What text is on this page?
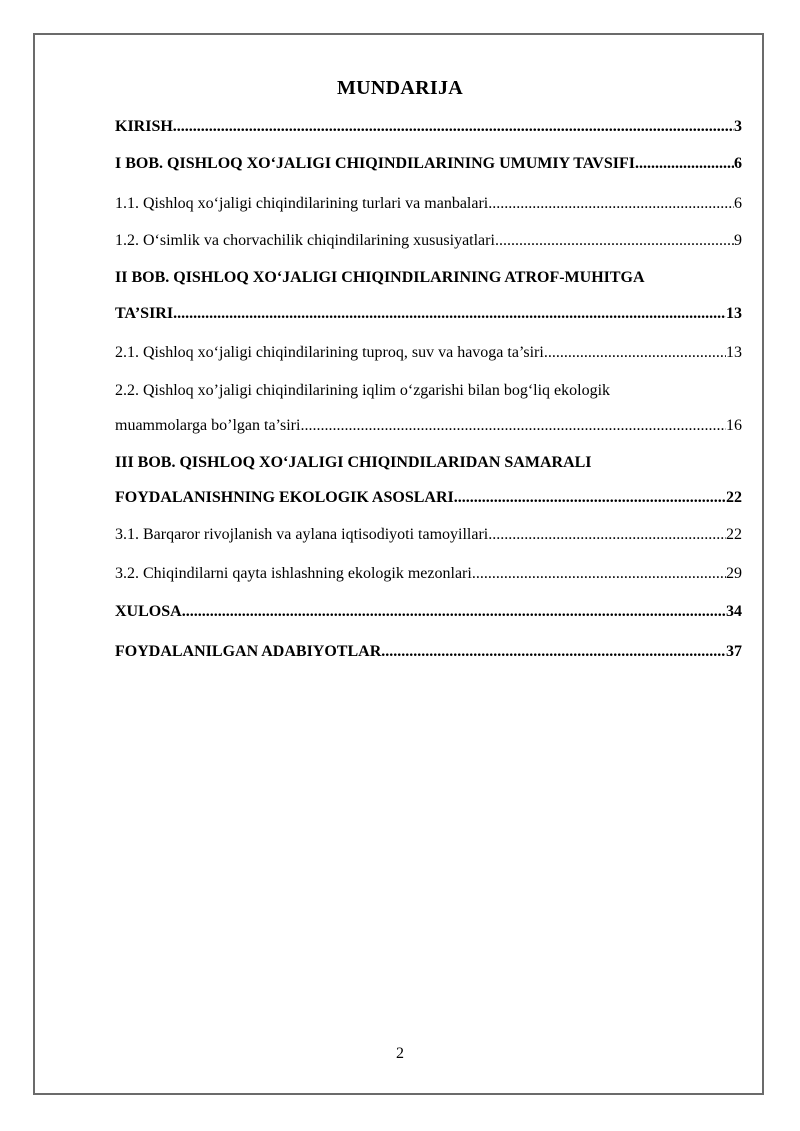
MUNDARIJA
KIRISH .....	3
I BOB. QISHLOQ XO‘JALIGI CHIQINDILARINING UMUMIY TAVSIFI .....	6
1.1. Qishloq xo‘jaligi chiqindilarining turlari va manbalari .....	6
1.2. O‘simlik va chorvachilik chiqindilarining xususiyatlari .....	9
II BOB. QISHLOQ XO‘JALIGI CHIQINDILARINING ATROF-MUHITGA
TA’SIRI .....	13
2.1. Qishloq xo‘jaligi chiqindilarining tuproq, suv va havoga ta’siri .....	13
2.2. Qishloq xo’jaligi chiqindilarining iqlim o‘zgarishi bilan bog‘liq ekologik
muammolarga bo’lgan ta’siri .....	16
III BOB. QISHLOQ XO‘JALIGI CHIQINDILARIDAN SAMARALI
FOYDALANISHNING EKOLOGIK ASOSLARI .....	22
3.1. Barqaror rivojlanish va aylana iqtisodiyoti tamoyillari .....	22
3.2. Chiqindilarni qayta ishlashning ekologik mezonlari .....	29
XULOSA .....	34
FOYDALANILGAN ADABIYOTLAR .....	37
2
